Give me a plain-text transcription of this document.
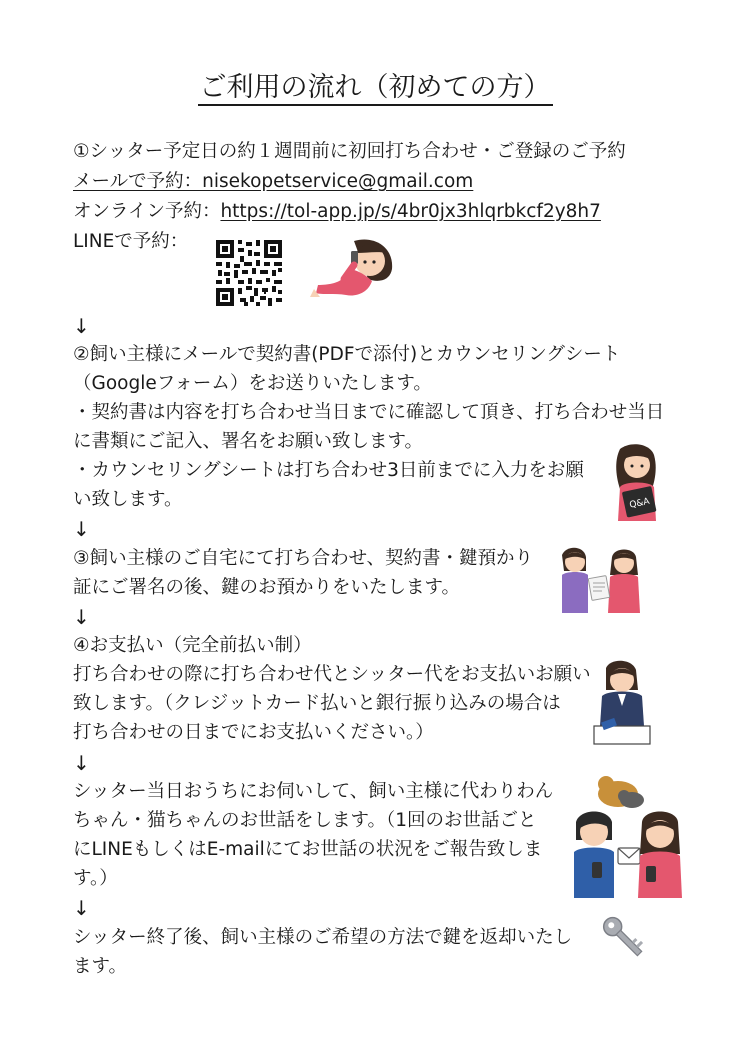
ご利用の流れ（初めての方）
①シッター予定日の約１週間前に初回打ち合わせ・ご登録のご予約
メールで予約：nisekopetservice@gmail.com
オンライン予約：https://tol-app.jp/s/4br0jx3hlqrbkcf2y8h7
LINEで予約：
↓
②飼い主様にメールで契約書(PDFで添付)とカウンセリングシート
（Googleフォーム）をお送りいたします。
・契約書は内容を打ち合わせ当日までに確認して頂き、打ち合わせ当日
に書類にご記入、署名をお願い致します。
・カウンセリングシートは打ち合わせ3日前までに入力をお願
い致します。	Q&A
↓
③飼い主様のご自宅にて打ち合わせ、契約書・鍵預かり
証にご署名の後、鍵のお預かりをいたします。
↓
④お支払い（完全前払い制）
打ち合わせの際に打ち合わせ代とシッター代をお支払いお願い
致します。（クレジットカード払いと銀行振り込みの場合は
打ち合わせの日までにお支払いください。）
↓
シッター当日おうちにお伺いして、飼い主様に代わりわん
ちゃん・猫ちゃんのお世話をします。（1回のお世話ごと
にLINEもしくはE-mailにてお世話の状況をご報告致しま
す。）
↓
シッター終了後、飼い主様のご希望の方法で鍵を返却いたし
ます。
